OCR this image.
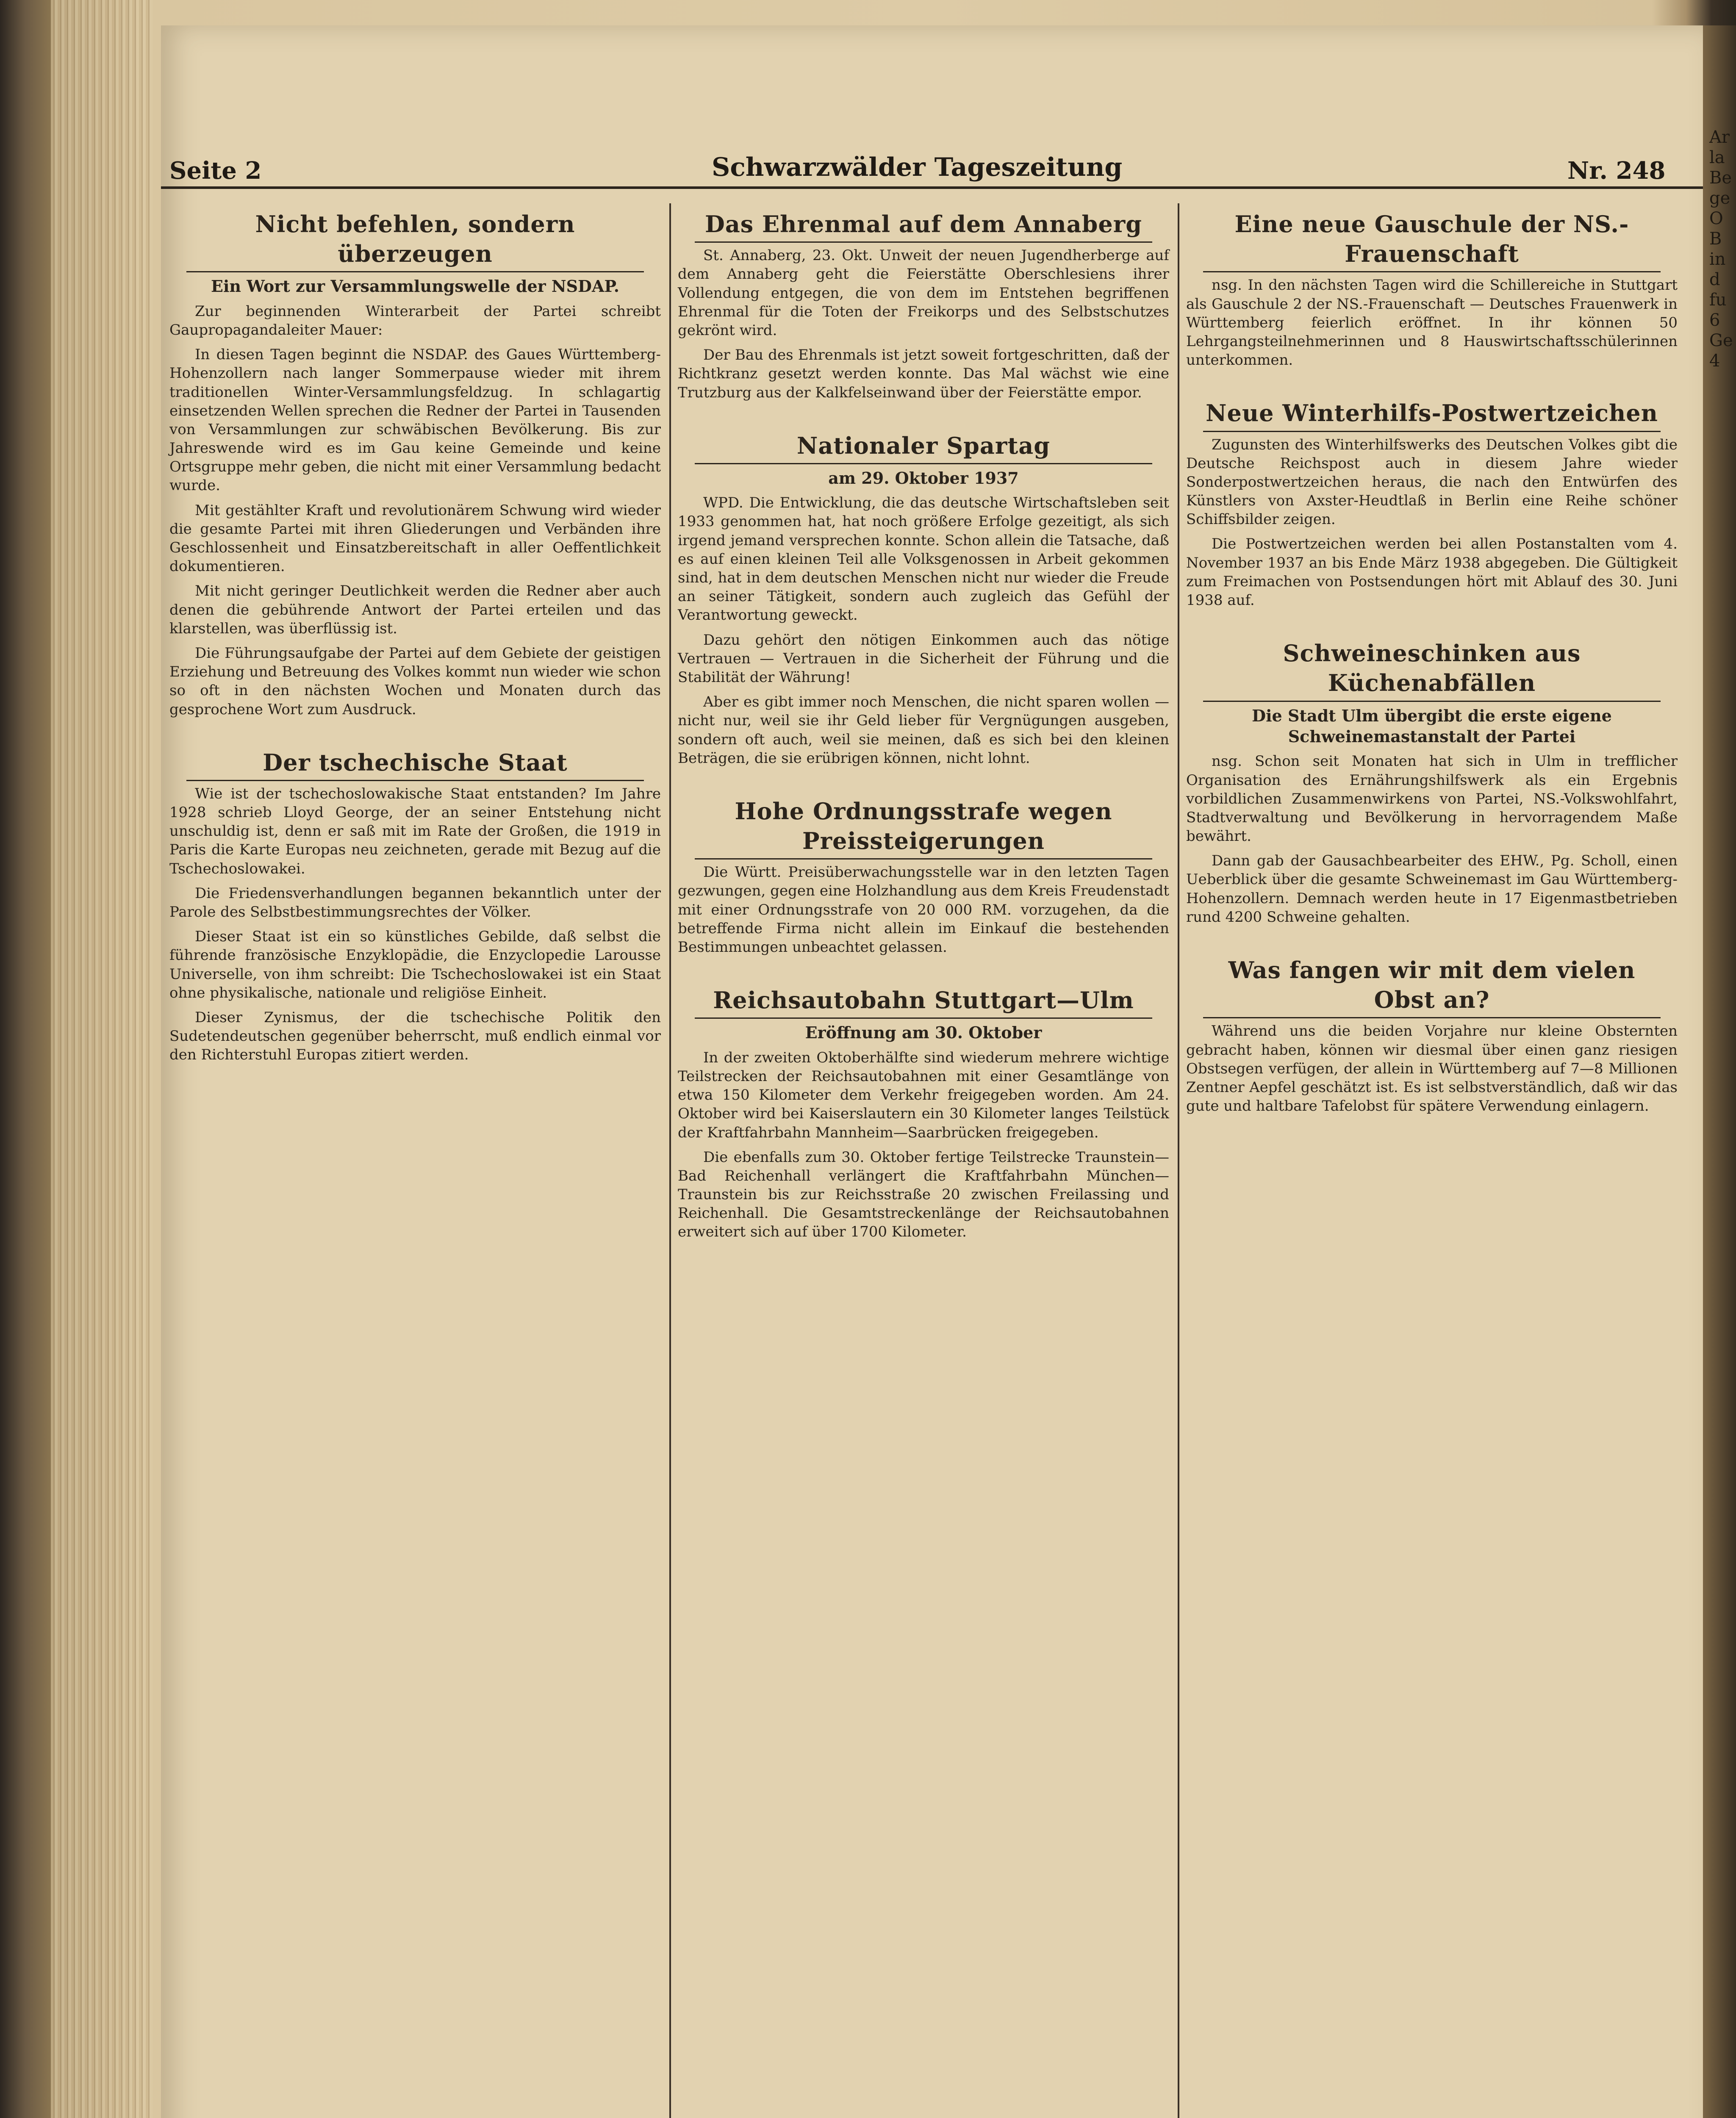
Ar la Be ge O B in d fu 6 Ge 4
Seite 2	Schwarzwälder Tageszeitung	Nr. 248
Nicht befehlen, sondern überzeugen
Ein Wort zur Versammlungswelle der NSDAP.

Zur beginnenden Winterarbeit der Partei schreibt Gaupropagandaleiter Mauer:

In diesen Tagen beginnt die NSDAP. des Gaues Württemberg-Hohenzollern nach langer Sommerpause wieder mit ihrem traditionellen Winter-Versammlungsfeldzug. In schlagartig einsetzenden Wellen sprechen die Redner der Partei in Tausenden von Versammlungen zur schwäbischen Bevölkerung. Bis zur Jahreswende wird es im Gau keine Gemeinde und keine Ortsgruppe mehr geben, die nicht mit einer Versammlung bedacht wurde.

Mit gestählter Kraft und revolutionärem Schwung wird wieder die gesamte Partei mit ihren Gliederungen und Verbänden ihre Geschlossenheit und Einsatzbereitschaft in aller Oeffentlichkeit dokumentieren.

Mit nicht geringer Deutlichkeit werden die Redner aber auch denen die gebührende Antwort der Partei erteilen und das klarstellen, was überflüssig ist.

Die Führungsaufgabe der Partei auf dem Gebiete der geistigen Erziehung und Betreuung des Volkes kommt nun wieder wie schon so oft in den nächsten Wochen und Monaten durch das gesprochene Wort zum Ausdruck.

Der tschechische Staat

Wie ist der tschechoslowakische Staat entstanden? Im Jahre 1928 schrieb Lloyd George, der an seiner Entstehung nicht unschuldig ist, denn er saß mit im Rate der Großen, die 1919 in Paris die Karte Europas neu zeichneten, gerade mit Bezug auf die Tschechoslowakei.

Die Friedensverhandlungen begannen bekanntlich unter der Parole des Selbstbestimmungsrechtes der Völker.

Dieser Staat ist ein so künstliches Gebilde, daß selbst die führende französische Enzyklopädie, die Enzyclopedie Larousse Universelle, von ihm schreibt: Die Tschechoslowakei ist ein Staat ohne physikalische, nationale und religiöse Einheit.

Dieser Zynismus, der die tschechische Politik den Sudetendeutschen gegenüber beherrscht, muß endlich einmal vor den Richterstuhl Europas zitiert werden.

Das Ehrenmal auf dem Annaberg

St. Annaberg, 23. Okt. Unweit der neuen Jugendherberge auf dem Annaberg geht die Feierstätte Oberschlesiens ihrer Vollendung entgegen, die von dem im Entstehen begriffenen Ehrenmal für die Toten der Freikorps und des Selbstschutzes gekrönt wird.

Der Bau des Ehrenmals ist jetzt soweit fortgeschritten, daß der Richtkranz gesetzt werden konnte. Das Mal wächst wie eine Trutzburg aus der Kalkfelseinwand über der Feierstätte empor.

Nationaler Spartag
am 29. Oktober 1937

WPD. Die Entwicklung, die das deutsche Wirtschaftsleben seit 1933 genommen hat, hat noch größere Erfolge gezeitigt, als sich irgend jemand versprechen konnte. Schon allein die Tatsache, daß es auf einen kleinen Teil alle Volksgenossen in Arbeit gekommen sind, hat in dem deutschen Menschen nicht nur wieder die Freude an seiner Tätigkeit, sondern auch zugleich das Gefühl der Verantwortung geweckt.

Dazu gehört den nötigen Einkommen auch das nötige Vertrauen — Vertrauen in die Sicherheit der Führung und die Stabilität der Währung!

Aber es gibt immer noch Menschen, die nicht sparen wollen — nicht nur, weil sie ihr Geld lieber für Vergnügungen ausgeben, sondern oft auch, weil sie meinen, daß es sich bei den kleinen Beträgen, die sie erübrigen können, nicht lohnt.

Hohe Ordnungsstrafe wegen Preissteigerungen

Die Württ. Preisüberwachungsstelle war in den letzten Tagen gezwungen, gegen eine Holzhandlung aus dem Kreis Freudenstadt mit einer Ordnungsstrafe von 20 000 RM. vorzugehen, da die betreffende Firma nicht allein im Einkauf die bestehenden Bestimmungen unbeachtet gelassen.

Reichsautobahn Stuttgart—Ulm
Eröffnung am 30. Oktober

In der zweiten Oktoberhälfte sind wiederum mehrere wichtige Teilstrecken der Reichsautobahnen mit einer Gesamtlänge von etwa 150 Kilometer dem Verkehr freigegeben worden. Am 24. Oktober wird bei Kaiserslautern ein 30 Kilometer langes Teilstück der Kraftfahrbahn Mannheim—Saarbrücken freigegeben.

Die ebenfalls zum 30. Oktober fertige Teilstrecke Traunstein—Bad Reichenhall verlängert die Kraftfahrbahn München—Traunstein bis zur Reichsstraße 20 zwischen Freilassing und Reichenhall. Die Gesamtstreckenlänge der Reichsautobahnen erweitert sich auf über 1700 Kilometer.

Eine neue Gauschule der NS.-Frauenschaft

nsg. In den nächsten Tagen wird die Schillereiche in Stuttgart als Gauschule 2 der NS.-Frauenschaft — Deutsches Frauenwerk in Württemberg feierlich eröffnet. In ihr können 50 Lehrgangsteilnehmerinnen und 8 Hauswirtschaftsschülerinnen unterkommen.

Neue Winterhilfs-Postwertzeichen

Zugunsten des Winterhilfswerks des Deutschen Volkes gibt die Deutsche Reichspost auch in diesem Jahre wieder Sonderpostwertzeichen heraus, die nach den Entwürfen des Künstlers von Axster-Heudtlaß in Berlin eine Reihe schöner Schiffsbilder zeigen.

Die Postwertzeichen werden bei allen Postanstalten vom 4. November 1937 an bis Ende März 1938 abgegeben. Die Gültigkeit zum Freimachen von Postsendungen hört mit Ablauf des 30. Juni 1938 auf.

Schweineschinken aus Küchenabfällen
Die Stadt Ulm übergibt die erste eigene Schweinemastanstalt der Partei

nsg. Schon seit Monaten hat sich in Ulm in trefflicher Organisation des Ernährungshilfswerk als ein Ergebnis vorbildlichen Zusammenwirkens von Partei, NS.-Volkswohlfahrt, Stadtverwaltung und Bevölkerung in hervorragendem Maße bewährt.

Dann gab der Gausachbearbeiter des EHW., Pg. Scholl, einen Ueberblick über die gesamte Schweinemast im Gau Württemberg-Hohenzollern. Demnach werden heute in 17 Eigenmastbetrieben rund 4200 Schweine gehalten.

Was fangen wir mit dem vielen Obst an?

Während uns die beiden Vorjahre nur kleine Obsternten gebracht haben, können wir diesmal über einen ganz riesigen Obstsegen verfügen, der allein in Württemberg auf 7—8 Millionen Zentner Aepfel geschätzt ist. Es ist selbstverständlich, daß wir das gute und haltbare Tafelobst für spätere Verwendung einlagern.
